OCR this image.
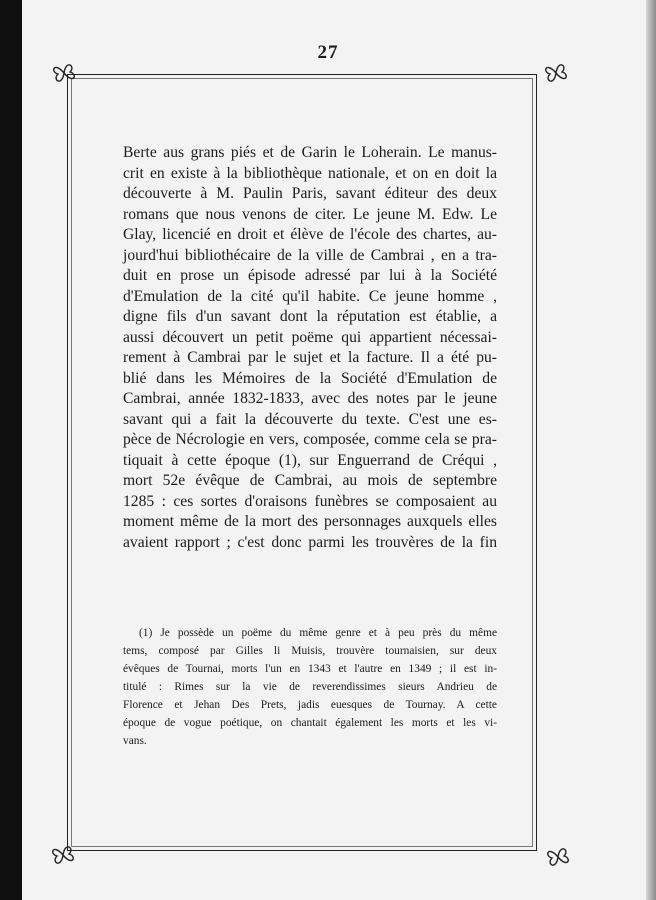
27
Berte aus grans piés et de Garin le Loherain. Le manus-
crit en existe à la bibliothèque nationale, et on en doit la
découverte à M. Paulin Paris, savant éditeur des deux
romans que nous venons de citer. Le jeune M. Edw. Le
Glay, licencié en droit et élève de l'école des chartes, au-
jourd'hui bibliothécaire de la ville de Cambrai , en a tra-
duit en prose un épisode adressé par lui à la Société
d'Emulation de la cité qu'il habite. Ce jeune homme ,
digne fils d'un savant dont la réputation est établie, a
aussi découvert un petit poëme qui appartient nécessai-
rement à Cambrai par le sujet et la facture. Il a été pu-
blié dans les Mémoires de la Société d'Emulation de
Cambrai, année 1832-1833, avec des notes par le jeune
savant qui a fait la découverte du texte. C'est une es-
pèce de Nécrologie en vers, composée, comme cela se pra-
tiquait à cette époque (1), sur Enguerrand de Créqui ,
mort 52e évêque de Cambrai, au mois de septembre
1285 : ces sortes d'oraisons funèbres se composaient au
moment même de la mort des personnages auxquels elles
avaient rapport ; c'est donc parmi les trouvères de la fin
(1) Je possède un poëme du même genre et à peu près du même
tems, composé par Gilles li Muisis, trouvère tournaisien, sur deux
évêques de Tournai, morts l'un en 1343 et l'autre en 1349 ; il est in-
titulé : Rimes sur la vie de reverendissimes sieurs Andrieu de
Florence et Jehan Des Prets, jadis euesques de Tournay. A cette
époque de vogue poétique, on chantait également les morts et les vi-
vans.
